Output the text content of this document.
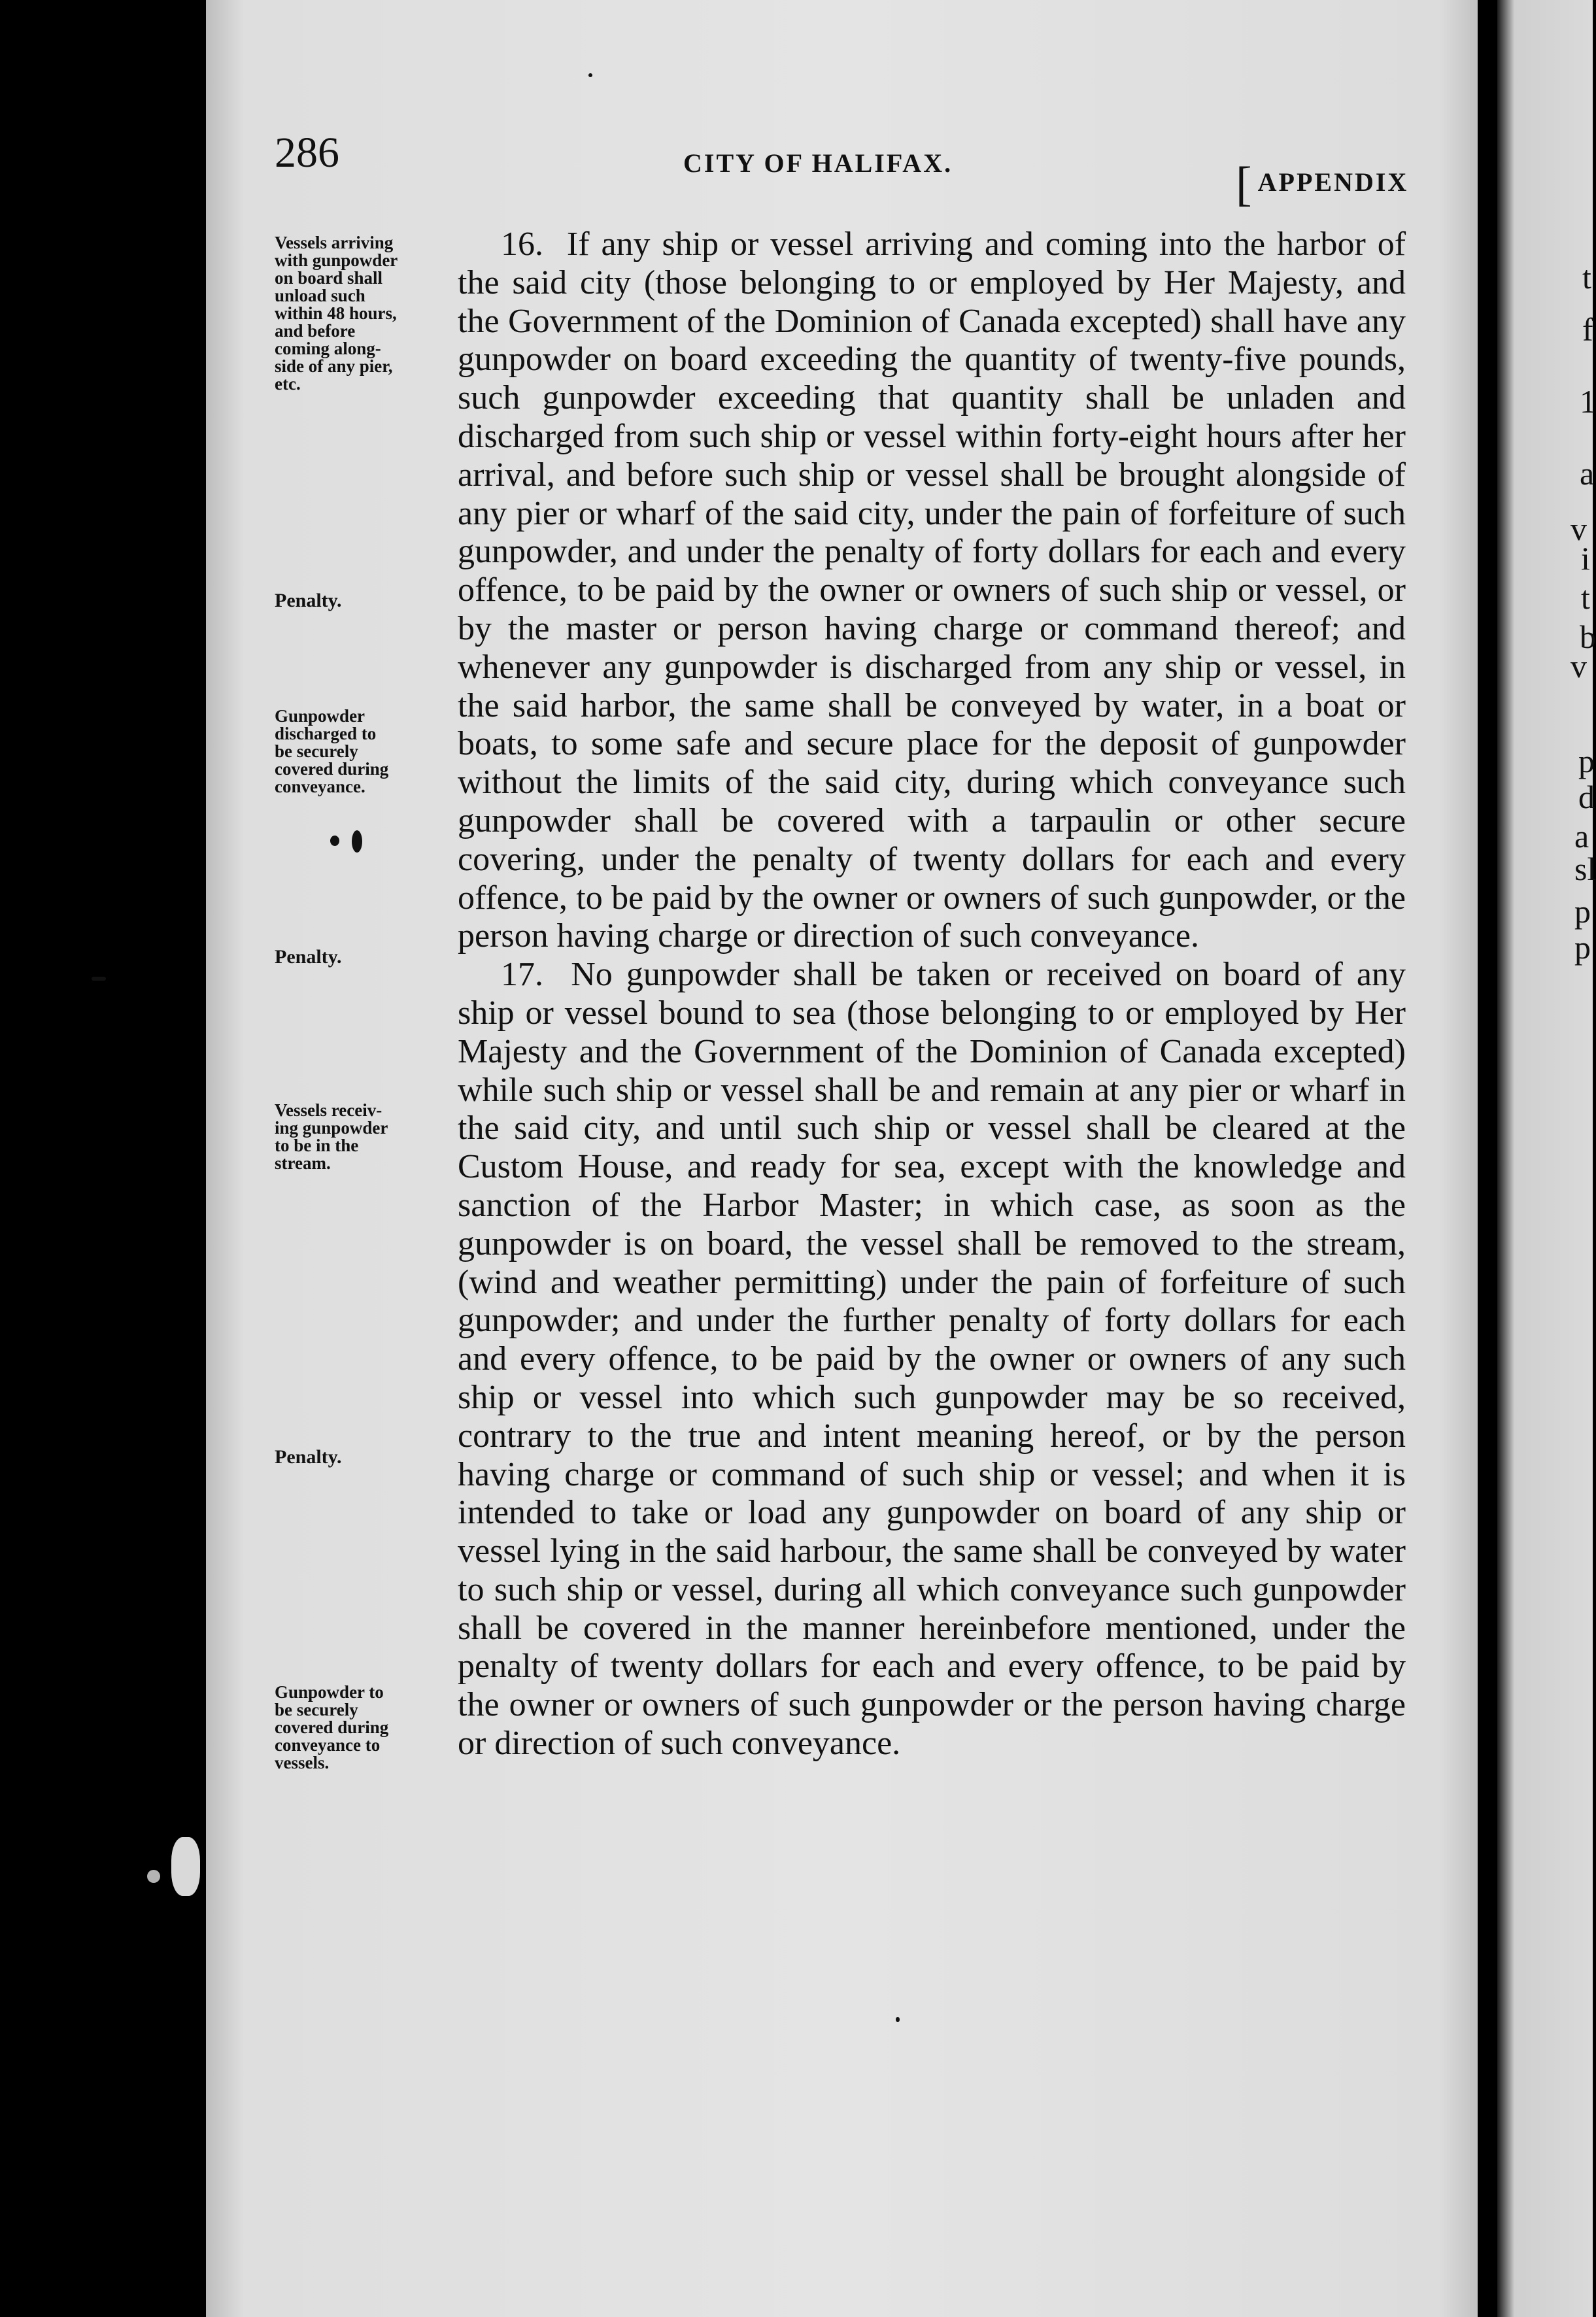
t
f
1
a
v
i
t
b
v
p
d
a
sl
p
p
286	CITY OF HALIFAX.	[ APPENDIX
Vessels arriving
with gunpowder
on board shall
unload such
within 48 hours,
and before
coming along-
side of any pier,
etc.
Penalty.
Gunpowder
discharged to
be securely
covered during
conveyance.
Penalty.
Vessels receiv-
ing gunpowder
to be in the
stream.
Penalty.
Gunpowder to
be securely
covered during
conveyance to
vessels.

16. If any ship or vessel arriving and coming into the harbor of the said city (those belonging to or employed by Her Majesty, and the Government of the Dominion of Canada excepted) shall have any gunpowder on board exceeding the quantity of twenty-five pounds, such gunpowder exceeding that quantity shall be unladen and discharged from such ship or vessel within forty-eight hours after her arrival, and before such ship or vessel shall be brought alongside of any pier or wharf of the said city, under the pain of forfeiture of such gunpowder, and under the penalty of forty dollars for each and every offence, to be paid by the owner or owners of such ship or vessel, or by the master or person having charge or command thereof; and whenever any gunpowder is discharged from any ship or vessel, in the said harbor, the same shall be conveyed by water, in a boat or boats, to some safe and secure place for the deposit of gunpowder without the limits of the said city, during which conveyance such gunpowder shall be covered with a tarpaulin or other secure covering, under the penalty of twenty dollars for each and every offence, to be paid by the owner or owners of such gunpowder, or the person having charge or direction of such conveyance.

17. No gunpowder shall be taken or received on board of any ship or vessel bound to sea (those belonging to or employed by Her Majesty and the Government of the Dominion of Canada excepted) while such ship or vessel shall be and remain at any pier or wharf in the said city, and until such ship or vessel shall be cleared at the Custom House, and ready for sea, except with the knowledge and sanction of the Harbor Master; in which case, as soon as the gunpowder is on board, the vessel shall be removed to the stream, (wind and weather permitting) under the pain of forfeiture of such gunpowder; and under the further penalty of forty dollars for each and every offence, to be paid by the owner or owners of any such ship or vessel into which such gunpowder may be so received, contrary to the true and intent meaning hereof, or by the person having charge or command of such ship or vessel; and when it is intended to take or load any gunpowder on board of any ship or vessel lying in the said harbour, the same shall be conveyed by water to such ship or vessel, during all which conveyance such gunpowder shall be covered in the manner hereinbefore mentioned, under the penalty of twenty dollars for each and every offence, to be paid by the owner or owners of such gunpowder or the person having charge or direction of such conveyance.
